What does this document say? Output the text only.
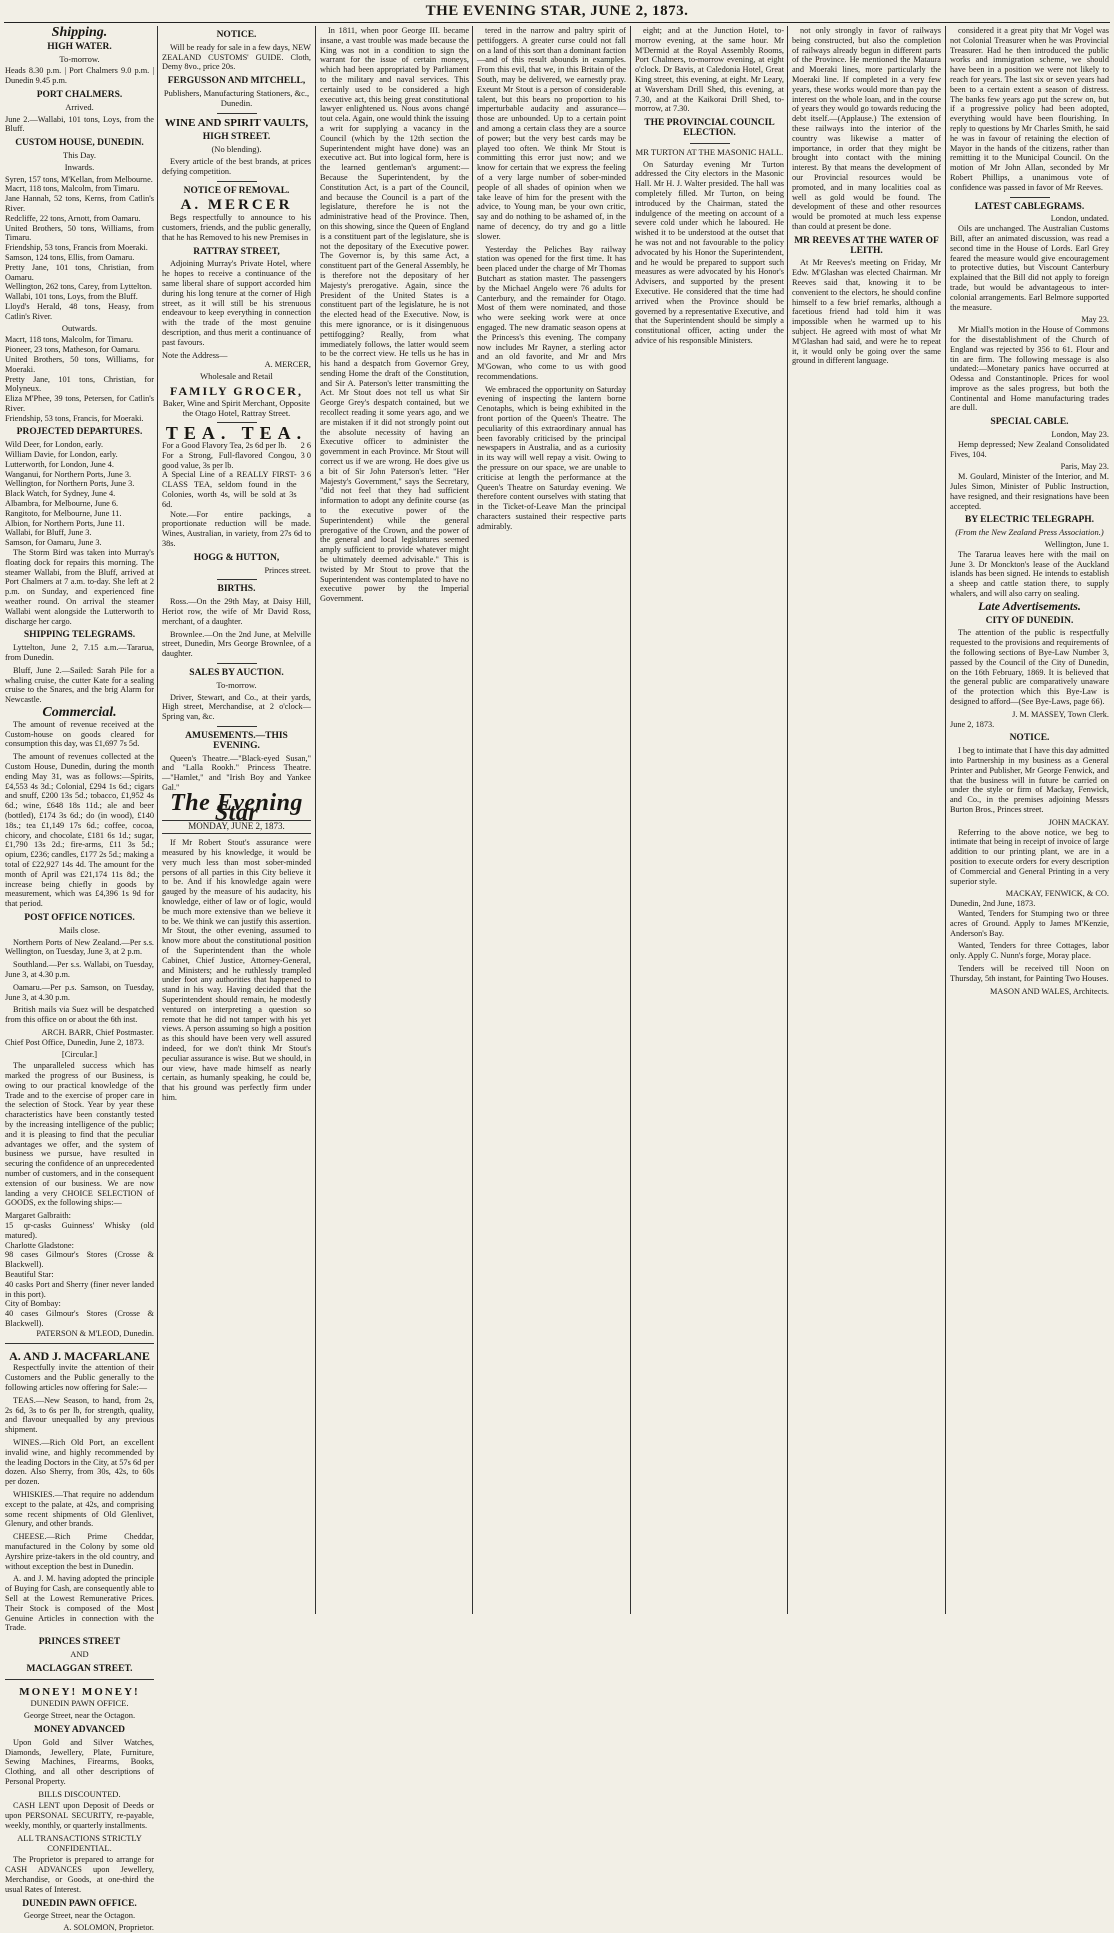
THE EVENING STAR, JUNE 2, 1873.
Shipping.
HIGH WATER.
To-morrow.
Heads 8.30 p.m. | Port Chalmers 9.0 p.m. | Dunedin 9.45 p.m.
PORT CHALMERS.
Arrived.
June 2.—Wallabi, 101 tons, Loys, from the Bluff.
CUSTOM HOUSE, DUNEDIN.
This Day.
Inwards.
Syren, 157 tons, M'Kellan, from Melbourne.
Macrt, 118 tons, Malcolm, from Timaru.
Jane Hannah, 52 tons, Kerns, from Catlin's River.
Redcliffe, 22 tons, Arnott, from Oamaru.
United Brothers, 50 tons, Williams, from Timaru.
Friendship, 53 tons, Francis from Moeraki.
Samson, 124 tons, Ellis, from Oamaru.
Pretty Jane, 101 tons, Christian, from Oamaru.
Wellington, 262 tons, Carey, from Lyttelton.
Wallabi, 101 tons, Loys, from the Bluff.
Lloyd's Herald, 48 tons, Heasy, from Catlin's River.
Outwards.
Macrt, 118 tons, Malcolm, for Timaru.
Pioneer, 23 tons, Matheson, for Oamaru.
United Brothers, 50 tons, Williams, for Moeraki.
Pretty Jane, 101 tons, Christian, for Molyneux.
Eliza M'Phee, 39 tons, Petersen, for Catlin's River.
Friendship, 53 tons, Francis, for Moeraki.
PROJECTED DEPARTURES.
Wild Deer, for London, early.
William Davie, for London, early.
Lutterworth, for London, June 4.
Wanganui, for Northern Ports, June 3.
Wellington, for Northern Ports, June 3.
Black Watch, for Sydney, June 4.
Albambra, for Melbourne, June 6.
Rangitoto, for Melbourne, June 11.
Albion, for Northern Ports, June 11.
Wallabi, for Bluff, June 3.
Samson, for Oamaru, June 3.

The Storm Bird was taken into Murray's floating dock for repairs this morning. The steamer Wallabi, from the Bluff, arrived at Port Chalmers at 7 a.m. to-day. She left at 2 p.m. on Sunday, and experienced fine weather round. On arrival the steamer Wallabi went alongside the Lutterworth to discharge her cargo.

SHIPPING TELEGRAMS.

Lyttelton, June 2, 7.15 a.m.—Tararua, from Dunedin.

Bluff, June 2.—Sailed: Sarah Pile for a whaling cruise, the cutter Kate for a sealing cruise to the Snares, and the brig Alarm for Newcastle.

Commercial.

The amount of revenue received at the Custom-house on goods cleared for consumption this day, was £1,697 7s 5d.

The amount of revenues collected at the Custom House, Dunedin, during the month ending May 31, was as follows:—Spirits, £4,553 4s 3d.; Colonial, £294 1s 6d.; cigars and snuff, £200 13s 5d.; tobacco, £1,952 4s 6d.; wine, £648 18s 11d.; ale and beer (bottled), £174 3s 6d.; do (in wood), £140 18s.; tea £1,149 17s 6d.; coffee, cocoa, chicory, and chocolate, £181 6s 1d.; sugar, £1,790 13s 2d.; fire-arms, £11 3s 5d.; opium, £236; candles, £177 2s 5d.; making a total of £22,927 14s 4d. The amount for the month of April was £21,174 11s 8d.; the increase being chiefly in goods by measurement, which was £4,396 1s 9d for that period.

POST OFFICE NOTICES.
Mails close.

Northern Ports of New Zealand.—Per s.s. Wellington, on Tuesday, June 3, at 2 p.m.

Southland.—Per s.s. Wallabi, on Tuesday, June 3, at 4.30 p.m.

Oamaru.—Per p.s. Samson, on Tuesday, June 3, at 4.30 p.m.

British mails via Suez will be despatched from this office on or about the 6th inst.

ARCH. BARR, Chief Postmaster.
Chief Post Office, Dunedin, June 2, 1873.
[Circular.]

The unparalleled success which has marked the progress of our Business, is owing to our practical knowledge of the Trade and to the exercise of proper care in the selection of Stock. Year by year these characteristics have been constantly tested by the increasing intelligence of the public; and it is pleasing to find that the peculiar advantages we offer, and the system of business we pursue, have resulted in securing the confidence of an unprecedented number of customers, and in the consequent extension of our business. We are now landing a very CHOICE SELECTION of GOODS, ex the following ships:—

Margaret Galbraith:
15 qr-casks Guinness' Whisky (old matured).
Charlotte Gladstone:
98 cases Gilmour's Stores (Crosse & Blackwell).
Beautiful Star:
40 casks Port and Sherry (finer never landed in this port).
City of Bombay:
40 cases Gilmour's Stores (Crosse & Blackwell).
PATERSON & M'LEOD, Dunedin.
A. AND J. MACFARLANE

Respectfully invite the attention of their Customers and the Public generally to the following articles now offering for Sale:—

TEAS.—New Season, to hand, from 2s, 2s 6d, 3s to 6s per lb, for strength, quality, and flavour unequalled by any previous shipment.

WINES.—Rich Old Port, an excellent invalid wine, and highly recommended by the leading Doctors in the City, at 57s 6d per dozen. Also Sherry, from 30s, 42s, to 60s per dozen.

WHISKIES.—That require no addendum except to the palate, at 42s, and comprising some recent shipments of Old Glenlivet, Glenury, and other brands.

CHEESE.—Rich Prime Cheddar, manufactured in the Colony by some old Ayrshire prize-takers in the old country, and without exception the best in Dunedin.

A. and J. M. having adopted the principle of Buying for Cash, are consequently able to Sell at the Lowest Remunerative Prices. Their Stock is composed of the Most Genuine Articles in connection with the Trade.

PRINCES STREET
AND
MACLAGGAN STREET.
MONEY! MONEY!
DUNEDIN PAWN OFFICE.
George Street, near the Octagon.
MONEY ADVANCED

Upon Gold and Silver Watches, Diamonds, Jewellery, Plate, Furniture, Sewing Machines, Firearms, Books, Clothing, and all other descriptions of Personal Property.

BILLS DISCOUNTED.

CASH LENT upon Deposit of Deeds or upon PERSONAL SECURITY, re-payable, weekly, monthly, or quarterly installments.

ALL TRANSACTIONS STRICTLY CONFIDENTIAL.

The Proprietor is prepared to arrange for CASH ADVANCES upon Jewellery, Merchandise, or Goods, at one-third the usual Rates of Interest.

DUNEDIN PAWN OFFICE.
George Street, near the Octagon.
A. SOLOMON, Proprietor.
NOTICE.

Will be ready for sale in a few days, NEW ZEALAND CUSTOMS' GUIDE. Cloth, Demy 8vo., price 20s.

FERGUSSON AND MITCHELL,
Publishers, Manufacturing Stationers, &c., Dunedin.
WINE AND SPIRIT VAULTS,
HIGH STREET.
(No blending).

Every article of the best brands, at prices defying competition.

NOTICE OF REMOVAL.
A. MERCER

Begs respectfully to announce to his customers, friends, and the public generally, that he has Removed to his new Premises in

RATTRAY STREET,

Adjoining Murray's Private Hotel, where he hopes to receive a continuance of the same liberal share of support accorded him during his long tenure at the corner of High street, as it will still be his strenuous endeavour to keep everything in connection with the trade of the most genuine description, and thus merit a continuance of past favours.

Note the Address—
A. MERCER,
Wholesale and Retail
FAMILY GROCER,
Baker, Wine and Spirit Merchant, Opposite the Otago Hotel, Rattray Street.
TEA. TEA.
For a Good Flavory Tea, 2s 6d per lb. 2 6
For a Strong, Full-flavored Congou, good value, 3s per lb.
3 0
A Special Line of a REALLY FIRST-CLASS TEA, seldom found in the Colonies, worth 4s, will be sold at 3s 6d.
3 6

Note.—For entire packings, a proportionate reduction will be made. Wines, Australian, in variety, from 27s 6d to 38s.

HOGG & HUTTON,
Princes street.
BIRTHS.

Ross.—On the 29th May, at Daisy Hill, Heriot row, the wife of Mr David Ross, merchant, of a daughter.

Brownlee.—On the 2nd June, at Melville street, Dunedin, Mrs George Brownlee, of a daughter.

SALES BY AUCTION.
To-morrow.

Driver, Stewart, and Co., at their yards, High street, Merchandise, at 2 o'clock—Spring van, &c.

AMUSEMENTS.—THIS EVENING.

Queen's Theatre.—"Black-eyed Susan," and "Lalla Rookh." Princess Theatre.—"Hamlet," and "Irish Boy and Yankee Gal."

The Evening Star
MONDAY, JUNE 2, 1873.

If Mr Robert Stout's assurance were measured by his knowledge, it would be very much less than most sober-minded persons of all parties in this City believe it to be. And if his knowledge again were gauged by the measure of his audacity, his knowledge, either of law or of logic, would be much more extensive than we believe it to be. We think we can justify this assertion. Mr Stout, the other evening, assumed to know more about the constitutional position of the Superintendent than the whole Cabinet, Chief Justice, Attorney-General, and Ministers; and he ruthlessly trampled under foot any authorities that happened to stand in his way. Having decided that the Superintendent should remain, he modestly ventured on interpreting a question so remote that he did not tamper with his yet views. A person assuming so high a position as this should have been very well assured indeed, for we don't think Mr Stout's peculiar assurance is wise. But we should, in our view, have made himself as nearly certain, as humanly speaking, he could be, that his ground was perfectly firm under him.

In 1811, when poor George III. became insane, a vast trouble was made because the King was not in a condition to sign the warrant for the issue of certain moneys, which had been appropriated by Parliament to the military and naval services. This certainly used to be considered a high executive act, this being great constitutional lawyer enlightened us. Nous avons changé tout cela. Again, one would think the issuing a writ for supplying a vacancy in the Council (which by the 12th section the Superintendent might have done) was an executive act. But into logical form, here is the learned gentleman's argument:—Because the Superintendent, by the Constitution Act, is a part of the Council, and because the Council is a part of the legislature, therefore he is not the administrative head of the Province. Then, on this showing, since the Queen of England is a constituent part of the legislature, she is not the depositary of the Executive power. The Governor is, by this same Act, a constituent part of the General Assembly, he is therefore not the depositary of her Majesty's prerogative. Again, since the President of the United States is a constituent part of the legislature, he is not the elected head of the Executive. Now, is this mere ignorance, or is it disingenuous pettifogging? Really, from what immediately follows, the latter would seem to be the correct view. He tells us he has in his hand a despatch from Governor Grey, sending Home the draft of the Constitution, and Sir A. Paterson's letter transmitting the Act. Mr Stout does not tell us what Sir George Grey's despatch contained, but we recollect reading it some years ago, and we are mistaken if it did not strongly point out the absolute necessity of having an Executive officer to administer the government in each Province. Mr Stout will correct us if we are wrong. He does give us a bit of Sir John Paterson's letter. "Her Majesty's Government," says the Secretary, "did not feel that they had sufficient information to adopt any definite course (as to the executive power of the Superintendent) while the general prerogative of the Crown, and the power of the general and local legislatures seemed amply sufficient to provide whatever might be ultimately deemed advisable." This is twisted by Mr Stout to prove that the Superintendent was contemplated to have no executive power by the Imperial Government.

tered in the narrow and paltry spirit of pettifoggers. A greater curse could not fall on a land of this sort than a dominant faction—and of this result abounds in examples. From this evil, that we, in this Britain of the South, may be delivered, we earnestly pray. Exeunt Mr Stout is a person of considerable talent, but this bears no proportion to his imperturbable audacity and assurance—those are unbounded. Up to a certain point and among a certain class they are a source of power; but the very best cards may be played too often. We think Mr Stout is committing this error just now; and we know for certain that we express the feeling of a very large number of sober-minded people of all shades of opinion when we take leave of him for the present with the advice, to Young man, be your own critic, say and do nothing to be ashamed of, in the name of decency, do try and go a little slower.

Yesterday the Peliches Bay railway station was opened for the first time. It has been placed under the charge of Mr Thomas Butchart as station master. The passengers by the Michael Angelo were 76 adults for Canterbury, and the remainder for Otago. Most of them were nominated, and those who were seeking work were at once engaged. The new dramatic season opens at the Princess's this evening. The company now includes Mr Rayner, a sterling actor and an old favorite, and Mr and Mrs M'Gowan, who come to us with good recommendations.

We embraced the opportunity on Saturday evening of inspecting the lantern borne Cenotaphs, which is being exhibited in the front portion of the Queen's Theatre. The peculiarity of this extraordinary annual has been favorably criticised by the principal newspapers in Australia, and as a curiosity in its way will well repay a visit. Owing to the pressure on our space, we are unable to criticise at length the performance at the Queen's Theatre on Saturday evening. We therefore content ourselves with stating that in the Ticket-of-Leave Man the principal characters sustained their respective parts admirably.

eight; and at the Junction Hotel, to-morrow evening, at the same hour. Mr M'Dermid at the Royal Assembly Rooms, Port Chalmers, to-morrow evening, at eight o'clock. Dr Bavis, at Caledonia Hotel, Great King street, this evening, at eight. Mr Leary, at Waversham Drill Shed, this evening, at 7.30, and at the Kaikorai Drill Shed, to-morrow, at 7.30.

THE PROVINCIAL COUNCIL ELECTION.
MR TURTON AT THE MASONIC HALL.

On Saturday evening Mr Turton addressed the City electors in the Masonic Hall. Mr H. J. Walter presided. The hall was completely filled. Mr Turton, on being introduced by the Chairman, stated the indulgence of the meeting on account of a severe cold under which he laboured. He wished it to be understood at the outset that he was not and not favourable to the policy advocated by his Honor the Superintendent, and he would be prepared to support such measures as were advocated by his Honor's Advisers, and supported by the present Executive. He considered that the time had arrived when the Province should be governed by a representative Executive, and that the Superintendent should be simply a constitutional officer, acting under the advice of his responsible Ministers.

not only strongly in favor of railways being constructed, but also the completion of railways already begun in different parts of the Province. He mentioned the Mataura and Moeraki lines, more particularly the Moeraki line. If completed in a very few years, these works would more than pay the interest on the whole loan, and in the course of years they would go towards reducing the debt itself.—(Applause.) The extension of these railways into the interior of the country was likewise a matter of importance, in order that they might be brought into contact with the mining interest. By that means the development of our Provincial resources would be promoted, and in many localities coal as well as gold would be found. The development of these and other resources would be promoted at much less expense than could at present be done.

MR REEVES AT THE WATER OF LEITH.

At Mr Reeves's meeting on Friday, Mr Edw. M'Glashan was elected Chairman. Mr Reeves said that, knowing it to be convenient to the electors, he should confine himself to a few brief remarks, although a facetious friend had told him it was impossible when he warmed up to his subject. He agreed with most of what Mr M'Glashan had said, and were he to repeat it, it would only be going over the same ground in different language.

considered it a great pity that Mr Vogel was not Colonial Treasurer when he was Provincial Treasurer. Had he then introduced the public works and immigration scheme, we should have been in a position we were not likely to reach for years. The last six or seven years had been to a certain extent a season of distress. The banks few years ago put the screw on, but if a progressive policy had been adopted, everything would have been flourishing. In reply to questions by Mr Charles Smith, he said he was in favour of retaining the election of Mayor in the hands of the citizens, rather than remitting it to the Municipal Council. On the motion of Mr John Allan, seconded by Mr Robert Phillips, a unanimous vote of confidence was passed in favor of Mr Reeves.

LATEST CABLEGRAMS.
London, undated.

Oils are unchanged. The Australian Customs Bill, after an animated discussion, was read a second time in the House of Lords. Earl Grey feared the measure would give encouragement to protective duties, but Viscount Canterbury explained that the Bill did not apply to foreign trade, but would be advantageous to inter-colonial arrangements. Earl Belmore supported the measure.

May 23.

Mr Miall's motion in the House of Commons for the disestablishment of the Church of England was rejected by 356 to 61. Flour and tin are firm. The following message is also undated:—Monetary panics have occurred at Odessa and Constantinople. Prices for wool improve as the sales progress, but both the Continental and Home manufacturing trades are dull.

SPECIAL CABLE.
London, May 23.

Hemp depressed; New Zealand Consolidated Fives, 104.

Paris, May 23.

M. Goulard, Minister of the Interior, and M. Jules Simon, Minister of Public Instruction, have resigned, and their resignations have been accepted.

BY ELECTRIC TELEGRAPH.
(From the New Zealand Press Association.)
Wellington, June 1.

The Tararua leaves here with the mail on June 3. Dr Monckton's lease of the Auckland islands has been signed. He intends to establish a sheep and cattle station there, to supply whalers, and will also carry on sealing.

Late Advertisements.
CITY OF DUNEDIN.

The attention of the public is respectfully requested to the provisions and requirements of the following sections of Bye-Law Number 3, passed by the Council of the City of Dunedin, on the 16th February, 1869. It is believed that the general public are comparatively unaware of the protection which this Bye-Law is designed to afford—(See Bye-Laws, page 66).

J. M. MASSEY, Town Clerk.
June 2, 1873.
NOTICE.

I beg to intimate that I have this day admitted into Partnership in my business as a General Printer and Publisher, Mr George Fenwick, and that the business will in future be carried on under the style or firm of Mackay, Fenwick, and Co., in the premises adjoining Messrs Burton Bros., Princes street.

JOHN MACKAY.

Referring to the above notice, we beg to intimate that being in receipt of invoice of large addition to our printing plant, we are in a position to execute orders for every description of Commercial and General Printing in a very superior style.

MACKAY, FENWICK, & CO.
Dunedin, 2nd June, 1873.

Wanted, Tenders for Stumping two or three acres of Ground. Apply to James M'Kenzie, Anderson's Bay.

Wanted, Tenders for three Cottages, labor only. Apply C. Nunn's forge, Moray place.

Tenders will be received till Noon on Thursday, 5th instant, for Painting Two Houses.

MASON AND WALES, Architects.
